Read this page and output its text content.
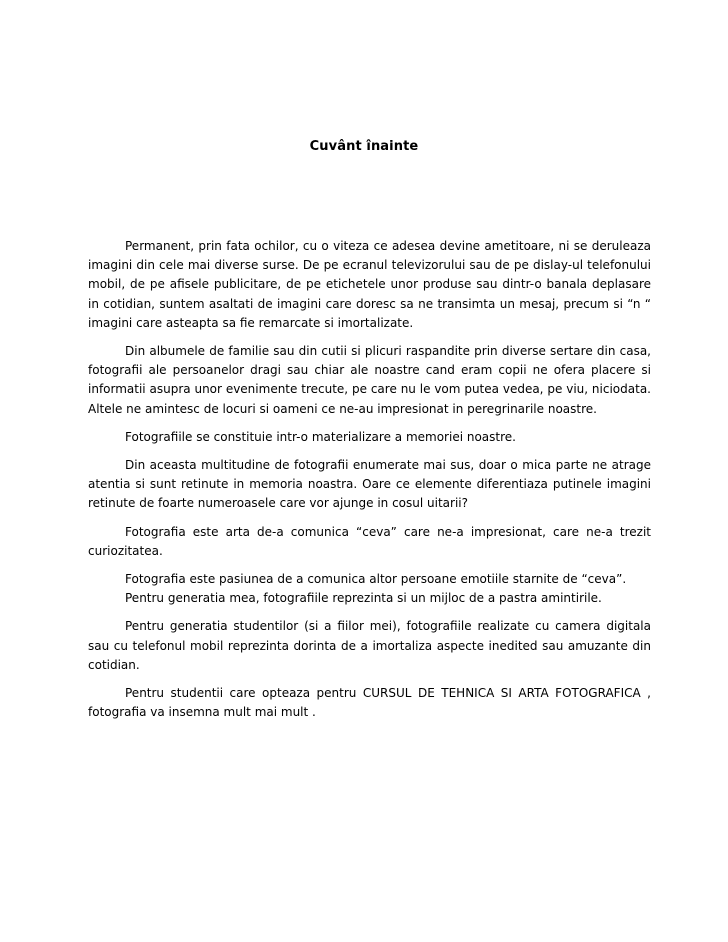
Cuvânt înainte

Permanent, prin fata ochilor, cu o viteza ce adesea devine ametitoare, ni se deruleaza imagini din cele mai diverse surse. De pe ecranul televizorului sau de pe dislay-ul telefonului mobil, de pe afisele publicitare, de pe etichetele unor produse sau dintr-o banala deplasare in cotidian, suntem asaltati de imagini care doresc sa ne transimta un mesaj, precum si “n “ imagini care asteapta sa fie remarcate si imortalizate.

Din albumele de familie sau din cutii si plicuri raspandite prin diverse sertare din casa, fotografii ale persoanelor dragi sau chiar ale noastre cand eram copii ne ofera placere si informatii asupra unor evenimente trecute, pe care nu le vom putea vedea, pe viu, niciodata. Altele ne amintesc de locuri si oameni ce ne-au impresionat in peregrinarile noastre.

Fotografiile se constituie intr-o materializare a memoriei noastre.

Din aceasta multitudine de fotografii enumerate mai sus, doar o mica parte ne atrage atentia si sunt retinute in memoria noastra. Oare ce elemente diferentiaza putinele imagini retinute de foarte numeroasele care vor ajunge in cosul uitarii?

Fotografia este arta de-a comunica “ceva” care ne-a impresionat, care ne-a trezit curiozitatea.

Fotografia este pasiunea de a comunica altor persoane emotiile starnite de “ceva”.

Pentru generatia mea, fotografiile reprezinta si un mijloc de a pastra amintirile.

Pentru generatia studentilor (si a fiilor mei), fotografiile realizate cu camera digitala sau cu telefonul mobil reprezinta dorinta de a imortaliza aspecte inedited sau amuzante din cotidian.

Pentru studentii care opteaza pentru CURSUL DE TEHNICA SI ARTA FOTOGRAFICA , fotografia va insemna mult mai mult .
